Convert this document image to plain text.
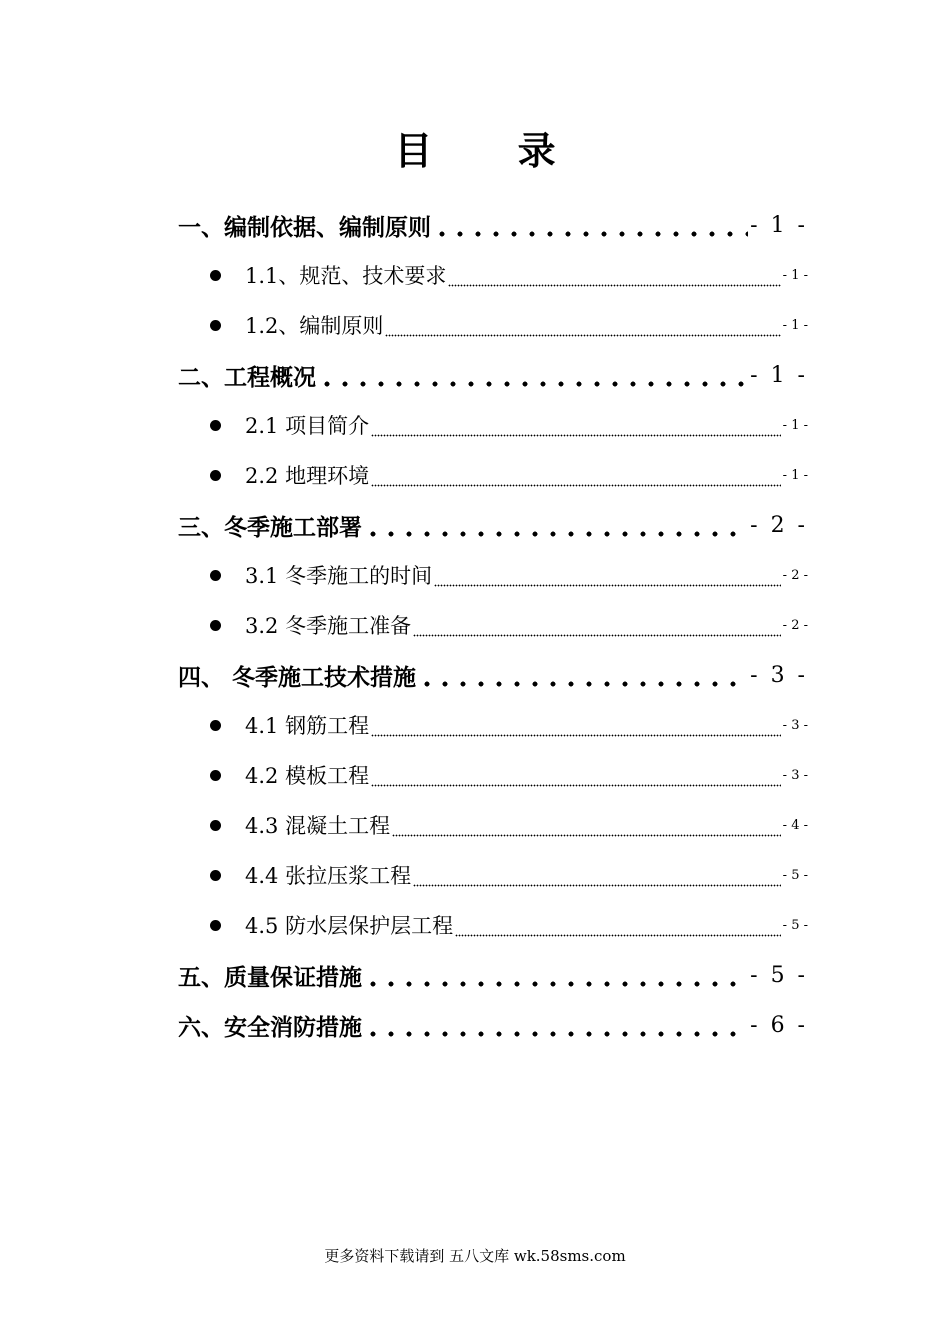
目 录
一、编制依据、编制原则	- 1 -
1.1、规范、技术要求	- 1 -
1.2、编制原则	- 1 -
二、工程概况	- 1 -
2.1 项目简介	- 1 -
2.2 地理环境	- 1 -
三、冬季施工部署	- 2 -
3.1 冬季施工的时间	- 2 -
3.2 冬季施工准备	- 2 -
四、 冬季施工技术措施	- 3 -
4.1 钢筋工程	- 3 -
4.2 模板工程	- 3 -
4.3 混凝土工程	- 4 -
4.4 张拉压浆工程	- 5 -
4.5 防水层保护层工程	- 5 -
五、质量保证措施	- 5 -
六、安全消防措施	- 6 -
更多资料下载请到 五八文库 wk.58sms.com
